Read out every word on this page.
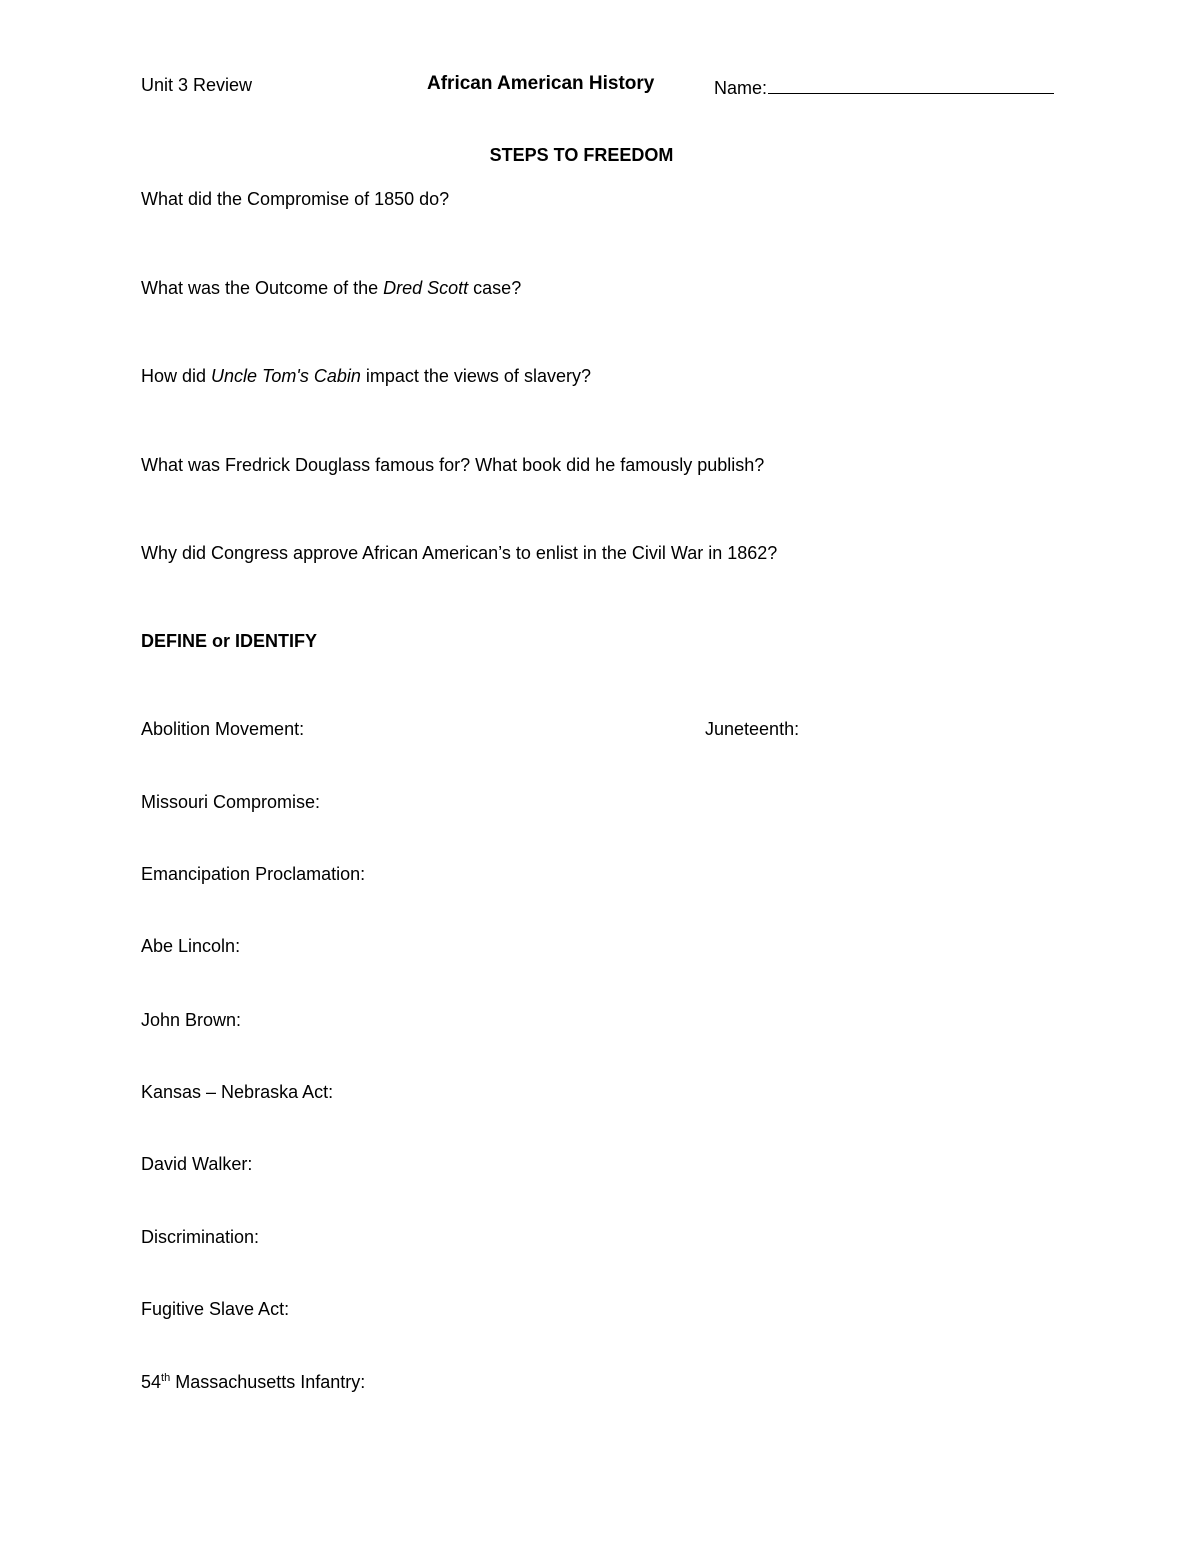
Unit 3 Review	African American History	Name:
STEPS TO FREEDOM
What did the Compromise of 1850 do?
What was the Outcome of the Dred Scott case?
How did Uncle Tom's Cabin impact the views of slavery?
What was Fredrick Douglass famous for? What book did he famously publish?
Why did Congress approve African American’s to enlist in the Civil War in 1862?
DEFINE or IDENTIFY
Juneteenth:
Abolition Movement:
Missouri Compromise:
Emancipation Proclamation:
Abe Lincoln:
John Brown:
Kansas – Nebraska Act:
David Walker:
Discrimination:
Fugitive Slave Act:
54th Massachusetts Infantry:
